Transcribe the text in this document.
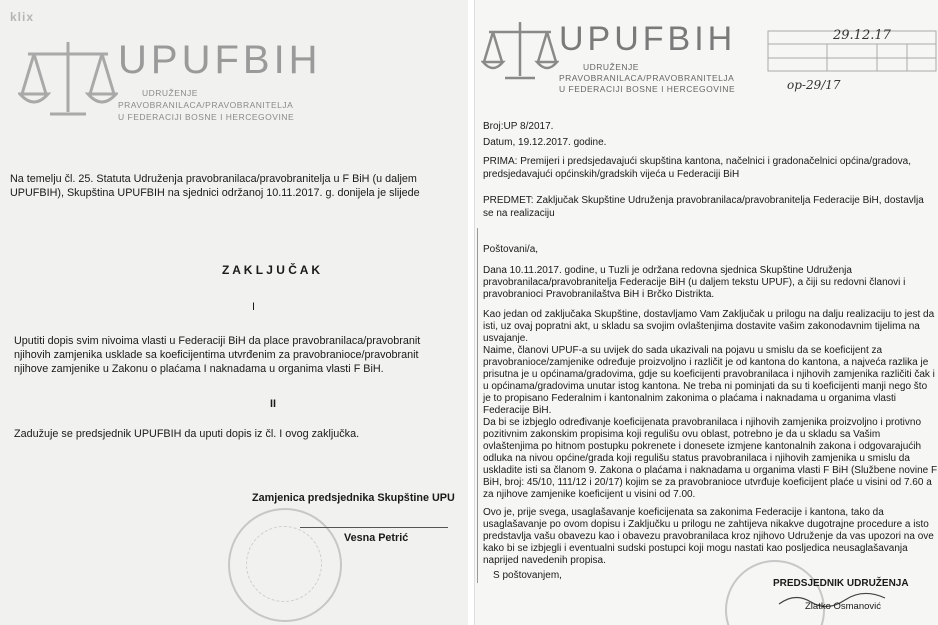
klix
UPUFBIH
UDRUŽENJE
PRAVOBRANILACA/PRAVOBRANITELJA
U FEDERACIJI BOSNE I HERCEGOVINE
Na temelju čl. 25. Statuta Udruženja pravobranilaca/pravobranitelja u F BiH (u daljem
UPUFBIH), Skupština UPUFBIH na sjednici održanoj 10.11.2017. g. donijela je slijede
Z A K L J U Č A K
I
Uputiti dopis svim nivoima vlasti u Federaciji BiH da place pravobranilaca/pravobranit
njihovih zamjenika usklade sa koeficijentima utvrđenim za pravobranioce/pravobranit
njihove zamjenike u Zakonu o plaćama I naknadama u organima vlasti F BiH.
II
Zadužuje se predsjednik UPUFBIH da uputi dopis iz čl. I ovog zaključka.
Zamjenica predsjednika Skupštine UPU
Vesna Petrić
UPUFBIH
UDRUŽENJE
PRAVOBRANILACA/PRAVOBRANITELJA
U FEDERACIJI BOSNE I HERCEGOVINE
29.12.17
op-29/17
Broj:UP 8/2017.
Datum, 19.12.2017. godine.
PRIMA: Premijeri i predsjedavajući skupština kantona, načelnici i gradonačelnici općina/gradova,
predsjedavajući općinskih/gradskih vijeća u Federaciji BiH
PREDMET: Zaključak Skupštine Udruženja pravobranilaca/pravobranitelja Federacije BiH, dostavlja
se na realizaciju
Poštovani/a,
Dana 10.11.2017. godine, u Tuzli je održana redovna sjednica Skupštine Udruženja
pravobranilaca/pravobranitelja Federacije BiH (u daljem tekstu UPUF), a čiji su redovni članovi i
pravobranioci Pravobranilaštva BiH i Brčko Distrikta.
Kao jedan od zaključaka Skupštine, dostavljamo Vam Zaključak u prilogu na dalju realizaciju to jest da
isti, uz ovaj popratni akt, u skladu sa svojim ovlaštenjima dostavite vašim zakonodavnim tijelima na
usvajanje.
Naime, članovi UPUF-a su uvijek do sada ukazivali na pojavu u smislu da se koeficijent za
pravobranioce/zamjenike određuje proizvoljno i različit je od kantona do kantona, a najveća razlika je
prisutna je u općinama/gradovima, gdje su koeficijenti pravobranilaca i njihovih zamjenika različiti čak i
u općinama/gradovima unutar istog kantona. Ne treba ni pominjati da su ti koeficijenti manji nego što
je to propisano Federalnim i kantonalnim zakonima o plaćama i naknadama u organima vlasti
Federacije BiH.
Da bi se izbjeglo određivanje koeficijenata pravobranilaca i njihovih zamjenika proizvoljno i protivno
pozitivnim zakonskim propisima koji regulišu ovu oblast, potrebno je da u skladu sa Vašim
ovlaštenjima po hitnom postupku pokrenete i donesete izmjene kantonalnih zakona i odgovarajućih
odluka na nivou općine/grada koji regulišu status pravobranilaca i njihovih zamjenika u smislu da
uskladite isti sa članom 9. Zakona o plaćama i naknadama u organima vlasti F BiH (Službene novine F
BiH, broj: 45/10, 111/12 i 20/17) kojim se za pravobranioce utvrđuje koeficijent plaće u visini od 7.60 a
za njihove zamjenike koeficijent u visini od 7.00.
Ovo je, prije svega, usaglašavanje koeficijenata sa zakonima Federacije i kantona, tako da
usaglašavanje po ovom dopisu i Zaključku u prilogu ne zahtijeva nikakve dugotrajne procedure a isto
predstavlja vašu obavezu kao i obavezu pravobranilaca kroz njihovo Udruženje da vas upozori na ove
kako bi se izbjegli i eventualni sudski postupci koji mogu nastati kao posljedica neusaglašavanja
naprijed navedenih propisa.
S poštovanjem,
PREDSJEDNIK UDRUŽENJA
Zlatko Osmanović
